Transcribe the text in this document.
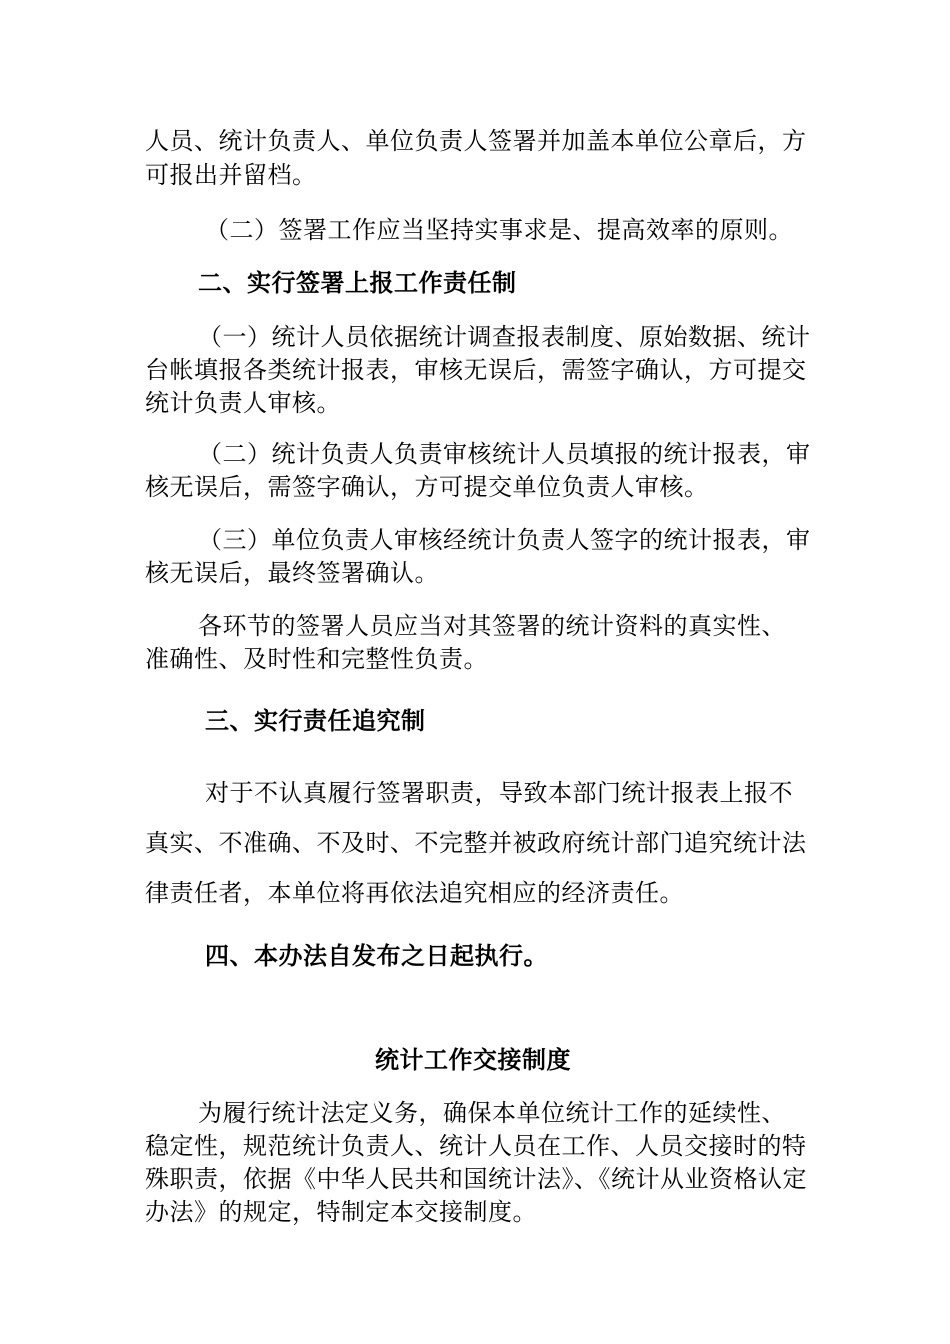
人员、统计负责人、单位负责人签署并加盖本单位公章后，方
可报出并留档。
（二）签署工作应当坚持实事求是、提高效率的原则。
二、实行签署上报工作责任制
（一）统计人员依据统计调查报表制度、原始数据、统计
台帐填报各类统计报表，审核无误后，需签字确认，方可提交
统计负责人审核。
（二）统计负责人负责审核统计人员填报的统计报表，审
核无误后，需签字确认，方可提交单位负责人审核。
（三）单位负责人审核经统计负责人签字的统计报表，审
核无误后，最终签署确认。
各环节的签署人员应当对其签署的统计资料的真实性、
准确性、及时性和完整性负责。
三、实行责任追究制
对于不认真履行签署职责，导致本部门统计报表上报不
真实、不准确、不及时、不完整并被政府统计部门追究统计法
律责任者，本单位将再依法追究相应的经济责任。
四、本办法自发布之日起执行。
统计工作交接制度
为履行统计法定义务，确保本单位统计工作的延续性、
稳定性，规范统计负责人、统计人员在工作、人员交接时的特
殊职责，依据《中华人民共和国统计法》、《统计从业资格认定
办法》的规定，特制定本交接制度。
